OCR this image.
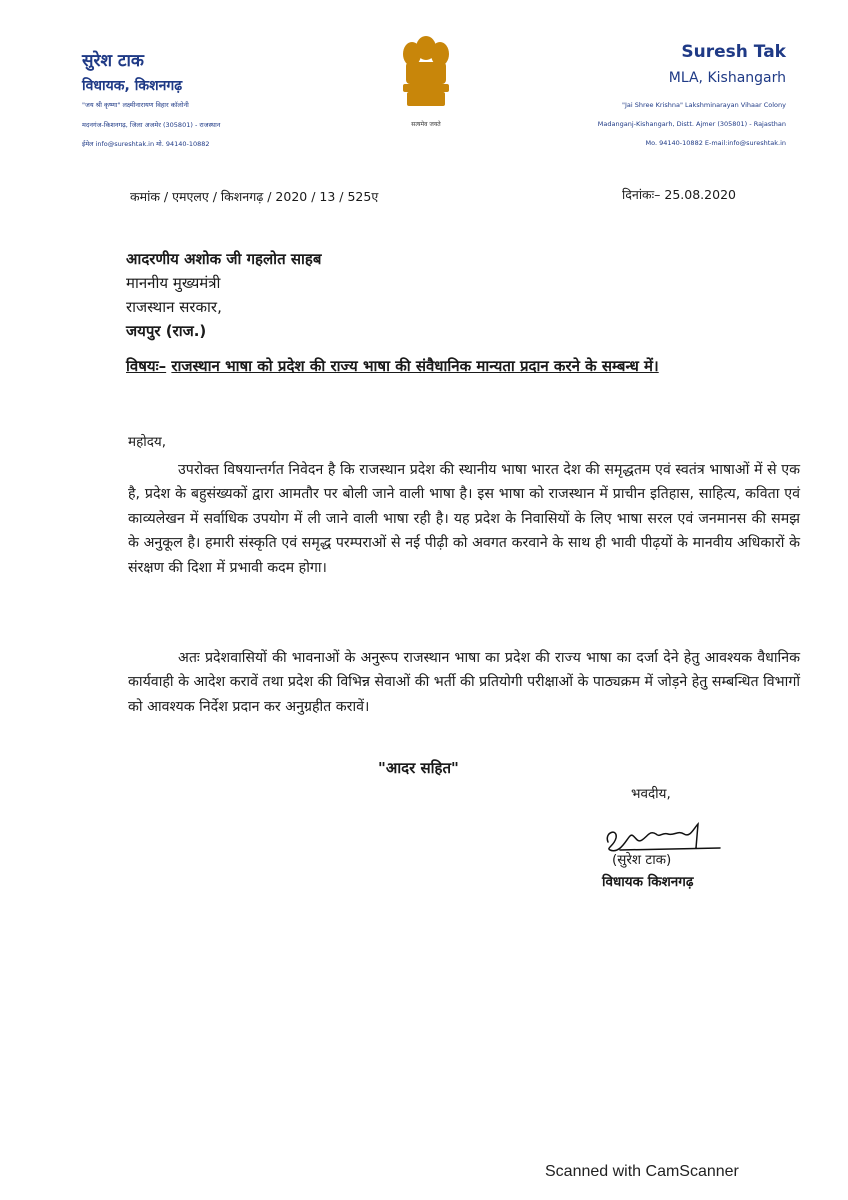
सुरेश टाक
विधायक, किशनगढ़
"जय श्री कृष्णा" लक्ष्मीनारायण विहार कॉलोनी
मदनगंज-किशनगढ़, जिला अजमेर (305801) - राजस्थान
ईमेल info@sureshtak.in मो. 94140-10882
सत्यमेव जयते
Suresh Tak
MLA, Kishangarh
"Jai Shree Krishna" Lakshminarayan Vihaar Colony
Madanganj-Kishangarh, Distt. Ajmer (305801) - Rajasthan
Mo. 94140-10882 E-mail:info@sureshtak.in
कमांक / एमएलए / किशनगढ़ / 2020 / 13 / 525ए	दिनांकः– 25.08.2020
आदरणीय अशोक जी गहलोत साहब
माननीय मुख्यमंत्री
राजस्थान सरकार,
जयपुर (राज.)
विषयः– राजस्थान भाषा को प्रदेश की राज्य भाषा की संवैधानिक मान्यता प्रदान करने के सम्बन्ध में।
महोदय,
उपरोक्त विषयान्तर्गत निवेदन है कि राजस्थान प्रदेश की स्थानीय भाषा भारत देश की समृद्धतम एवं स्वतंत्र भाषाओं में से एक है, प्रदेश के बहुसंख्यकों द्वारा आमतौर पर बोली जाने वाली भाषा है। इस भाषा को राजस्थान में प्राचीन इतिहास, साहित्य, कविता एवं काव्यलेखन में सर्वाधिक उपयोग में ली जाने वाली भाषा रही है। यह प्रदेश के निवासियों के लिए भाषा सरल एवं जनमानस की समझ के अनुकूल है। हमारी संस्कृति एवं समृद्ध परम्पराओं से नई पीढ़ी को अवगत करवाने के साथ ही भावी पीढ़यों के मानवीय अधिकारों के संरक्षण की दिशा में प्रभावी कदम होगा।
अतः प्रदेशवासियों की भावनाओं के अनुरूप राजस्थान भाषा का प्रदेश की राज्य भाषा का दर्जा देने हेतु आवश्यक वैधानिक कार्यवाही के आदेश करावें तथा प्रदेश की विभिन्न सेवाओं की भर्ती की प्रतियोगी परीक्षाओं के पाठ्यक्रम में जोड़ने हेतु सम्बन्धित विभागों को आवश्यक निर्देश प्रदान कर अनुग्रहीत करावें।
"आदर सहित"
भवदीय,
(सुरेश टाक)
विधायक किशनगढ़
Scanned with CamScanner
